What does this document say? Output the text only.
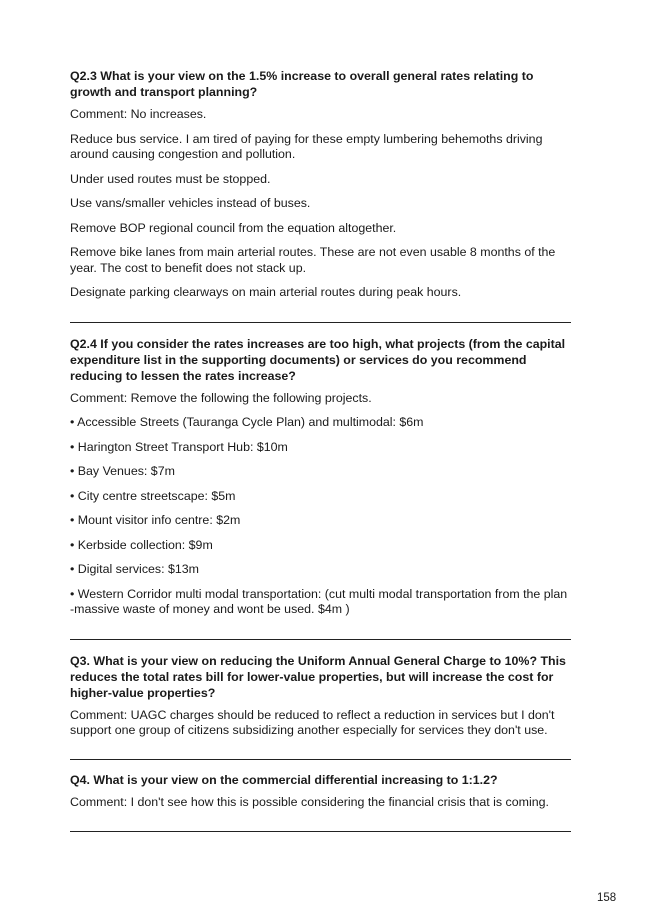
Q2.3 What is your view on the 1.5% increase to overall general rates relating to growth and transport planning?

Comment: No increases.

Reduce bus service. I am tired of paying for these empty lumbering behemoths driving around causing congestion and pollution.

Under used routes must be stopped.

Use vans/smaller vehicles instead of buses.

Remove BOP regional council from the equation altogether.

Remove bike lanes from main arterial routes. These are not even usable 8 months of the year. The cost to benefit does not stack up.

Designate parking clearways on main arterial routes during peak hours.

Q2.4 If you consider the rates increases are too high, what projects (from the capital expenditure list in the supporting documents) or services do you recommend reducing to lessen the rates increase?

Comment: Remove the following the following projects.

• Accessible Streets (Tauranga Cycle Plan) and multimodal: $6m
• Harington Street Transport Hub: $10m
• Bay Venues: $7m
• City centre streetscape: $5m
• Mount visitor info centre: $2m
• Kerbside collection: $9m
• Digital services: $13m
• Western Corridor multi modal transportation: (cut multi modal transportation from the plan -massive waste of money and wont be used. $4m )

Q3. What is your view on reducing the Uniform Annual General Charge to 10%? This reduces the total rates bill for lower-value properties, but will increase the cost for higher-value properties?

Comment: UAGC charges should be reduced to reflect a reduction in services but I don't support one group of citizens subsidizing another especially for services they don't use.

Q4. What is your view on the commercial differential increasing to 1:1.2?

Comment: I don't see how this is possible considering the financial crisis that is coming.

158
